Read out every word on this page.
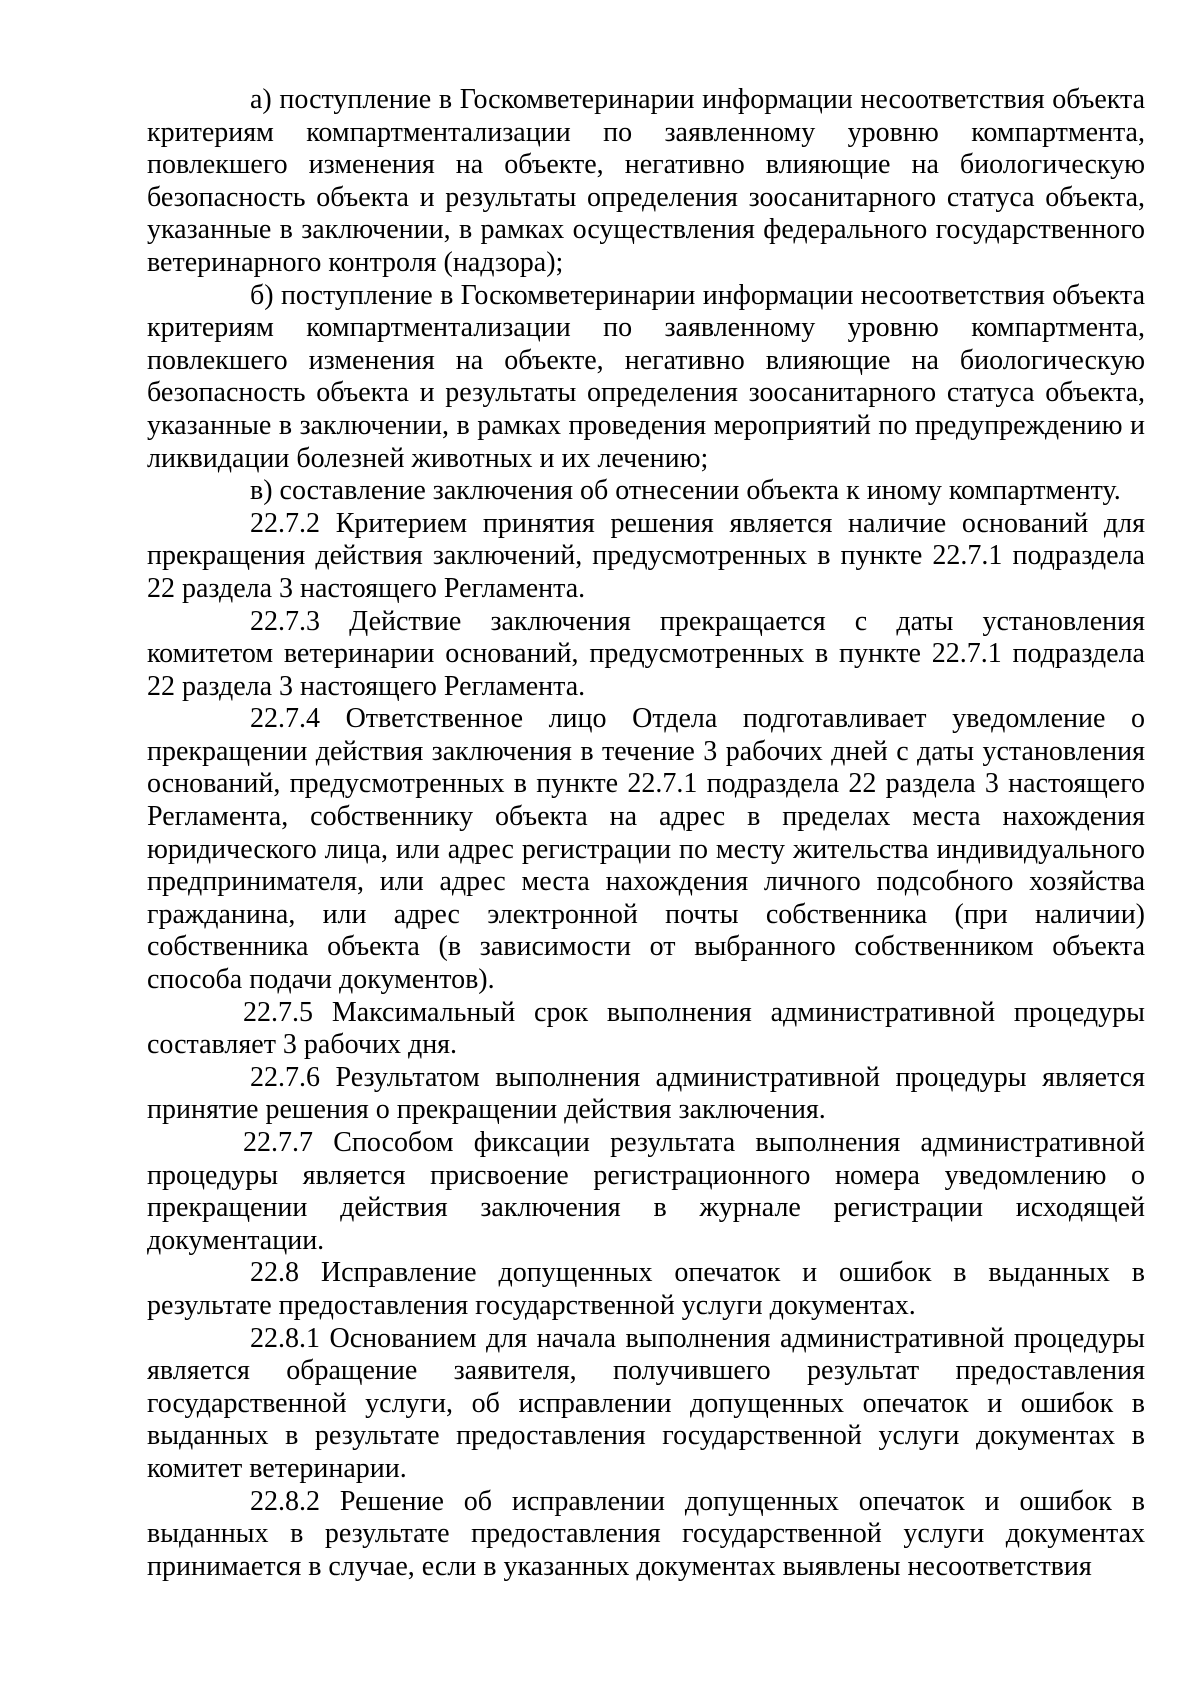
а) поступление в Госкомветеринарии информации несоответствия объекта критериям компартментализации по заявленному уровню компартмента, повлекшего изменения на объекте, негативно влияющие на биологическую безопасность объекта и результаты определения зоосанитарного статуса объекта, указанные в заключении, в рамках осуществления федерального государственного ветеринарного контроля (надзора);

б) поступление в Госкомветеринарии информации несоответствия объекта критериям компартментализации по заявленному уровню компартмента, повлекшего изменения на объекте, негативно влияющие на биологическую безопасность объекта и результаты определения зоосанитарного статуса объекта, указанные в заключении, в рамках проведения мероприятий по предупреждению и ликвидации болезней животных и их лечению;

в) составление заключения об отнесении объекта к иному компартменту.

22.7.2 Критерием принятия решения является наличие оснований для прекращения действия заключений, предусмотренных в пункте 22.7.1 подраздела 22 раздела 3 настоящего Регламента.

22.7.3 Действие заключения прекращается с даты установления комитетом ветеринарии оснований, предусмотренных в пункте 22.7.1 подраздела 22 раздела 3 настоящего Регламента.

22.7.4 Ответственное лицо Отдела подготавливает уведомление о прекращении действия заключения в течение 3 рабочих дней с даты установления оснований, предусмотренных в пункте 22.7.1 подраздела 22 раздела 3 настоящего Регламента, собственнику объекта на адрес в пределах места нахождения юридического лица, или адрес регистрации по месту жительства индивидуального предпринимателя, или адрес места нахождения личного подсобного хозяйства гражданина, или адрес электронной почты собственника (при наличии) собственника объекта (в зависимости от выбранного собственником объекта способа подачи документов).

22.7.5 Максимальный срок выполнения административной процедуры составляет 3 рабочих дня.

22.7.6 Результатом выполнения административной процедуры является принятие решения о прекращении действия заключения.

22.7.7 Способом фиксации результата выполнения административной процедуры является присвоение регистрационного номера уведомлению о прекращении действия заключения в журнале регистрации исходящей документации.

22.8 Исправление допущенных опечаток и ошибок в выданных в результате предоставления государственной услуги документах.

22.8.1 Основанием для начала выполнения административной процедуры является обращение заявителя, получившего результат предоставления государственной услуги, об исправлении допущенных опечаток и ошибок в выданных в результате предоставления государственной услуги документах в комитет ветеринарии.

22.8.2 Решение об исправлении допущенных опечаток и ошибок в выданных в результате предоставления государственной услуги документах принимается в случае, если в указанных документах выявлены несоответствия
